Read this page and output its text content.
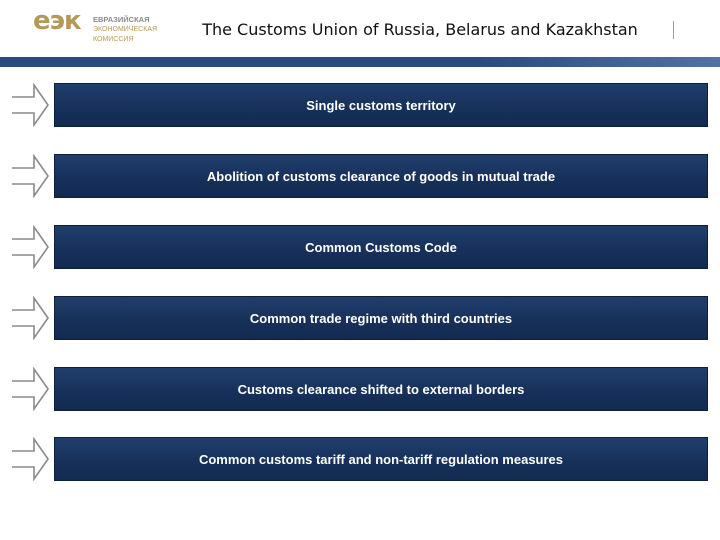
еэк ЕВРАЗИЙСКАЯ
ЭКОНОМИЧЕСКАЯ
КОМИССИЯ
The Customs Union of Russia, Belarus and Kazakhstan
Single customs territory
Abolition of customs clearance of goods in mutual trade
Common Customs Code
Common trade regime with third countries
Customs clearance shifted to external borders
Common customs tariff and non-tariff regulation measures
